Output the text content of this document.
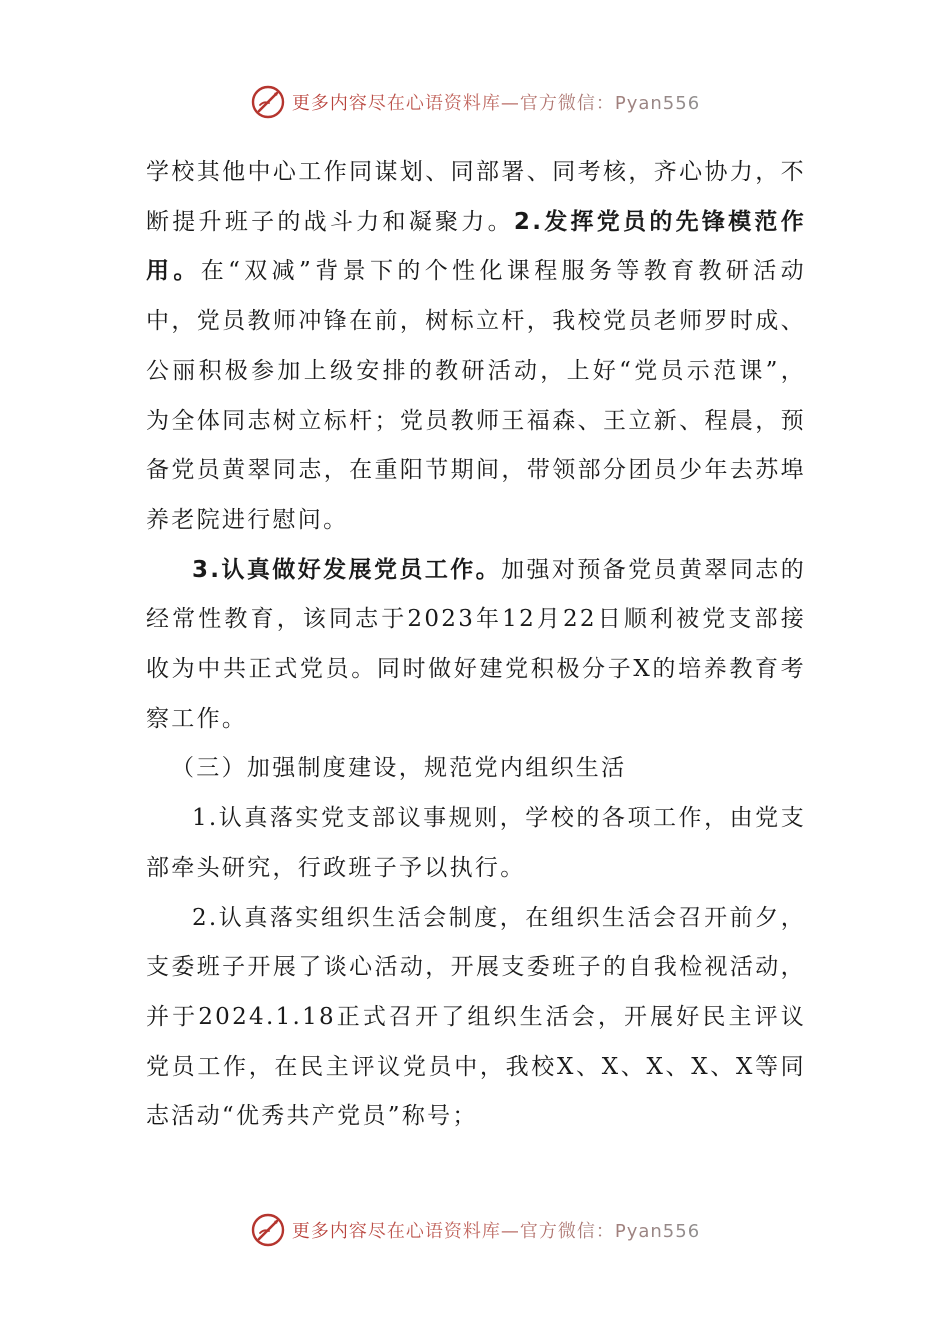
更多内容尽在心语资料库—官方微信：Pyan556

学校其他中心工作同谋划、同部署、同考核，齐心协力，不断提升班子的战斗力和凝聚力。2.发挥党员的先锋模范作用。在“双减”背景下的个性化课程服务等教育教研活动中，党员教师冲锋在前，树标立杆，我校党员老师罗时成、公丽积极参加上级安排的教研活动，上好“党员示范课”，为全体同志树立标杆；党员教师王福森、王立新、程晨，预备党员黄翠同志，在重阳节期间，带领部分团员少年去苏埠养老院进行慰问。

3.认真做好发展党员工作。加强对预备党员黄翠同志的经常性教育，该同志于2023年12月22日顺利被党支部接收为中共正式党员。同时做好建党积极分子X的培养教育考察工作。

（三）加强制度建设，规范党内组织生活

1.认真落实党支部议事规则，学校的各项工作，由党支部牵头研究，行政班子予以执行。

2.认真落实组织生活会制度，在组织生活会召开前夕，支委班子开展了谈心活动，开展支委班子的自我检视活动，并于2024.1.18正式召开了组织生活会，开展好民主评议党员工作，在民主评议党员中，我校X、X、X、X、X等同志活动“优秀共产党员”称号；

更多内容尽在心语资料库—官方微信：Pyan556
